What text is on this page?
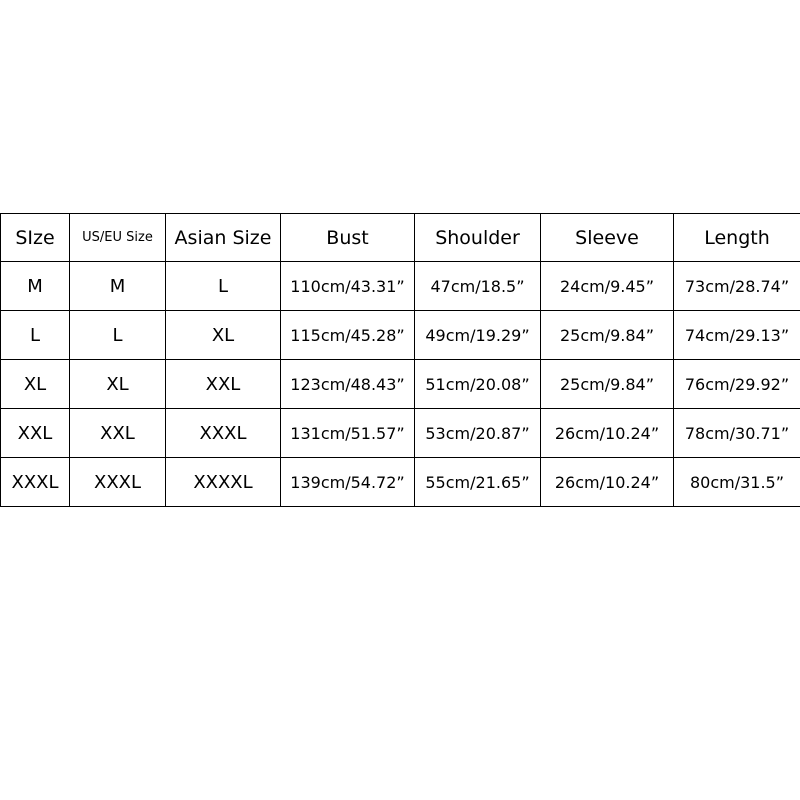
SIze	US/EU Size	Asian Size	Bust	Shoulder	Sleeve	Length
M	M	L	110cm/43.31”	47cm/18.5”	24cm/9.45”	73cm/28.74”
L	L	XL	115cm/45.28”	49cm/19.29”	25cm/9.84”	74cm/29.13”
XL	XL	XXL	123cm/48.43”	51cm/20.08”	25cm/9.84”	76cm/29.92”
XXL	XXL	XXXL	131cm/51.57”	53cm/20.87”	26cm/10.24”	78cm/30.71”
XXXL	XXXL	XXXXL	139cm/54.72”	55cm/21.65”	26cm/10.24”	80cm/31.5”
